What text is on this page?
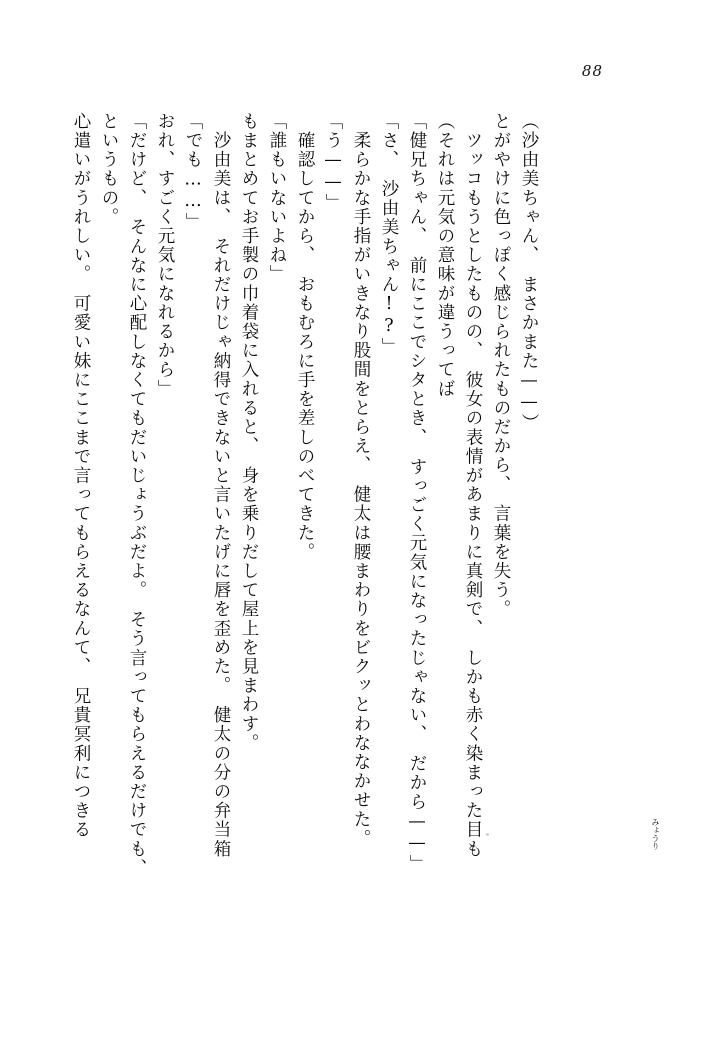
88
心遣いがうれしい。　可愛い妹にここまで言ってもらえるなんて、　兄貴冥利につきる というもの。 「だけど、　そんなに心配しなくてもだいじょうぶだよ。　そう言ってもらえるだけでも、 おれ、すごく元気になれるから」 「でも……」 　沙由美は、　それだけじゃ納得できないと言いたげに唇を歪めた。　健太の分の弁当箱 もまとめてお手製の巾着袋に入れると、　身を乗りだして屋上を見まわす。 「誰もいないよね」 　確認してから、　おもむろに手を差しのべてきた。 「う——」 　柔らかな手指がいきなり股間をとらえ、　健太は腰まわりをビクッとわななかせた。 「さ、　沙由美ちゃん!?」 「健兄ちゃん、　前にここでシタとき、　すっごく元気になったじゃない、　だから——」 （それは元気の意味が違うってば 　ツッコもうとしたものの、　彼女の表情があまりに真剣で、　しかも赤く染まった目も とがやけに色っぽく感じられたものだから、　言葉を失う。 （沙由美ちゃん、　まさかまた——）
みょうり
